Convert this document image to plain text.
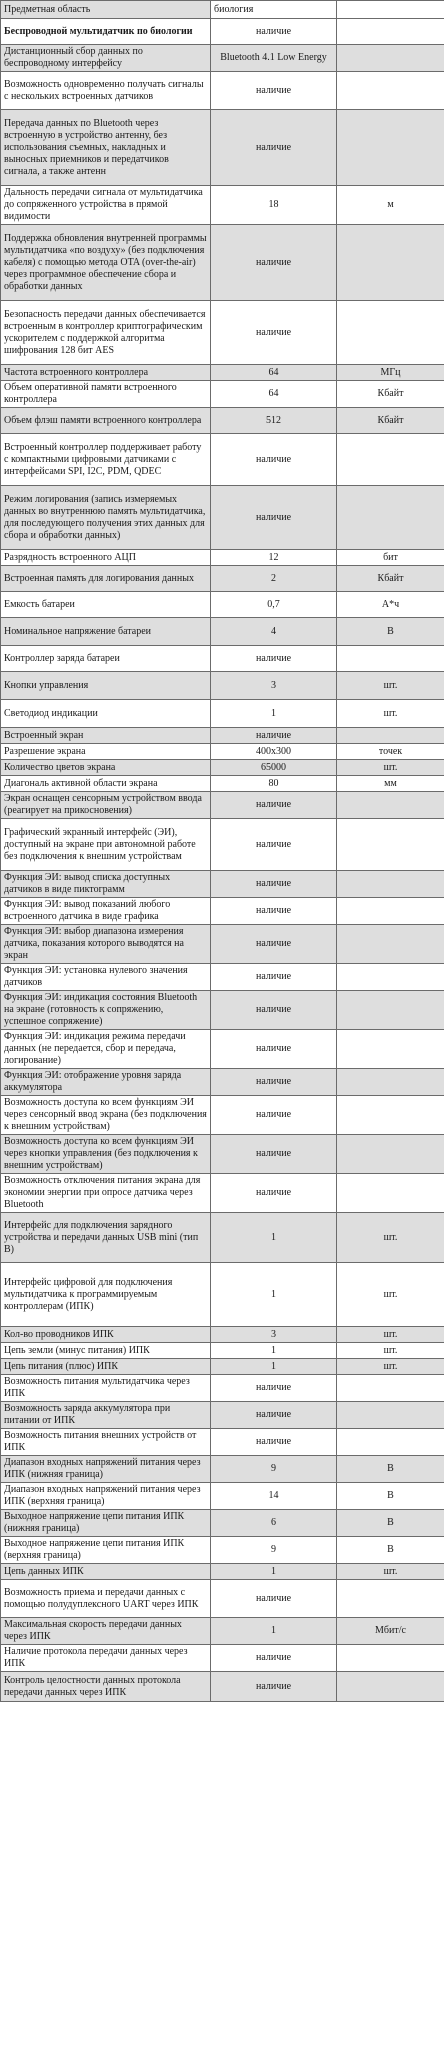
Предметная область	биология	
Беспроводной мультидатчик по биологии	наличие	
Дистанционный сбор данных по беспроводному интерфейсу	Bluetooth 4.1 Low Energy	
Возможность одновременно получать сигналы с нескольких встроенных датчиков	наличие	
Передача данных по Bluetooth через встроенную в устройство антенну, без использования съемных, накладных и выносных приемников и передатчиков сигнала, а также антенн	наличие	
Дальность передачи сигнала от мультидатчика до сопряженного устройства в прямой видимости	18	м
Поддержка обновления внутренней программы мультидатчика «по воздуху» (без подключения кабеля) с помощью метода OTA (over-the-air) через программное обеспечение сбора и обработки данных	наличие	
Безопасность передачи данных обеспечивается встроенным в контроллер криптографическим ускорителем с поддержкой алгоритма шифрования 128 бит AES	наличие	
Частота встроенного контроллера	64	МГц
Объем оперативной памяти встроенного контроллера	64	Кбайт
Объем флэш памяти встроенного контроллера	512	Кбайт
Встроенный контроллер поддерживает работу с компактными цифровыми датчиками с интерфейсами SPI, I2C, PDM, QDEC	наличие	
Режим логирования (запись измеряемых данных во внутреннюю память мультидатчика, для последующего получения этих данных для сбора и обработки данных)	наличие	
Разрядность встроенного АЦП	12	бит
Встроенная память для логирования данных	2	Кбайт
Емкость батареи	0,7	А*ч
Номинальное напряжение батареи	4	В
Контроллер заряда батареи	наличие	
Кнопки управления	3	шт.
Светодиод индикации	1	шт.
Встроенный экран	наличие	
Разрешение экрана	400x300	точек
Количество цветов экрана	65000	шт.
Диагональ активной области экрана	80	мм
Экран оснащен сенсорным устройством ввода (реагирует на прикосновения)	наличие	
Графический экранный интерфейс (ЭИ), доступный на экране при автономной работе без подключения к внешним устройствам	наличие	
Функция ЭИ: вывод списка доступных датчиков в виде пиктограмм	наличие	
Функция ЭИ: вывод показаний любого встроенного датчика в виде графика	наличие	
Функция ЭИ: выбор диапазона измерения датчика, показания которого выводятся на экран	наличие	
Функция ЭИ: установка нулевого значения датчиков	наличие	
Функция ЭИ: индикация состояния Bluetooth на экране (готовность к сопряжению, успешное сопряжение)	наличие	
Функция ЭИ: индикация режима передачи данных (не передается, сбор и передача, логирование)	наличие	
Функция ЭИ: отображение уровня заряда аккумулятора	наличие	
Возможность доступа ко всем функциям ЭИ через сенсорный ввод экрана (без подключения к внешним устройствам)	наличие	
Возможность доступа ко всем функциям ЭИ через кнопки управления (без подключения к внешним устройствам)	наличие	
Возможность отключения питания экрана для экономии энергии при опросе датчика через Bluetooth	наличие	
Интерфейс для подключения зарядного устройства и передачи данных USB mini (тип B)	1	шт.
Интерфейс цифровой для подключения мультидатчика к программируемым контроллерам (ИПК)	1	шт.
Кол-во проводников ИПК	3	шт.
Цепь земли (минус питания) ИПК	1	шт.
Цепь питания (плюс) ИПК	1	шт.
Возможность питания мультидатчика через ИПК	наличие	
Возможность заряда аккумулятора при питании от ИПК	наличие	
Возможность питания внешних устройств от ИПК	наличие	
Диапазон входных напряжений питания через ИПК (нижняя граница)	9	В
Диапазон входных напряжений питания через ИПК (верхняя граница)	14	В
Выходное напряжение цепи питания ИПК (нижняя граница)	6	В
Выходное напряжение цепи питания ИПК (верхняя граница)	9	В
Цепь данных ИПК	1	шт.
Возможность приема и передачи данных с помощью полудуплексного UART через ИПК	наличие	
Максимальная скорость передачи данных через ИПК	1	Мбит/с
Наличие протокола передачи данных через ИПК	наличие	
Контроль целостности данных протокола передачи данных через ИПК	наличие	
